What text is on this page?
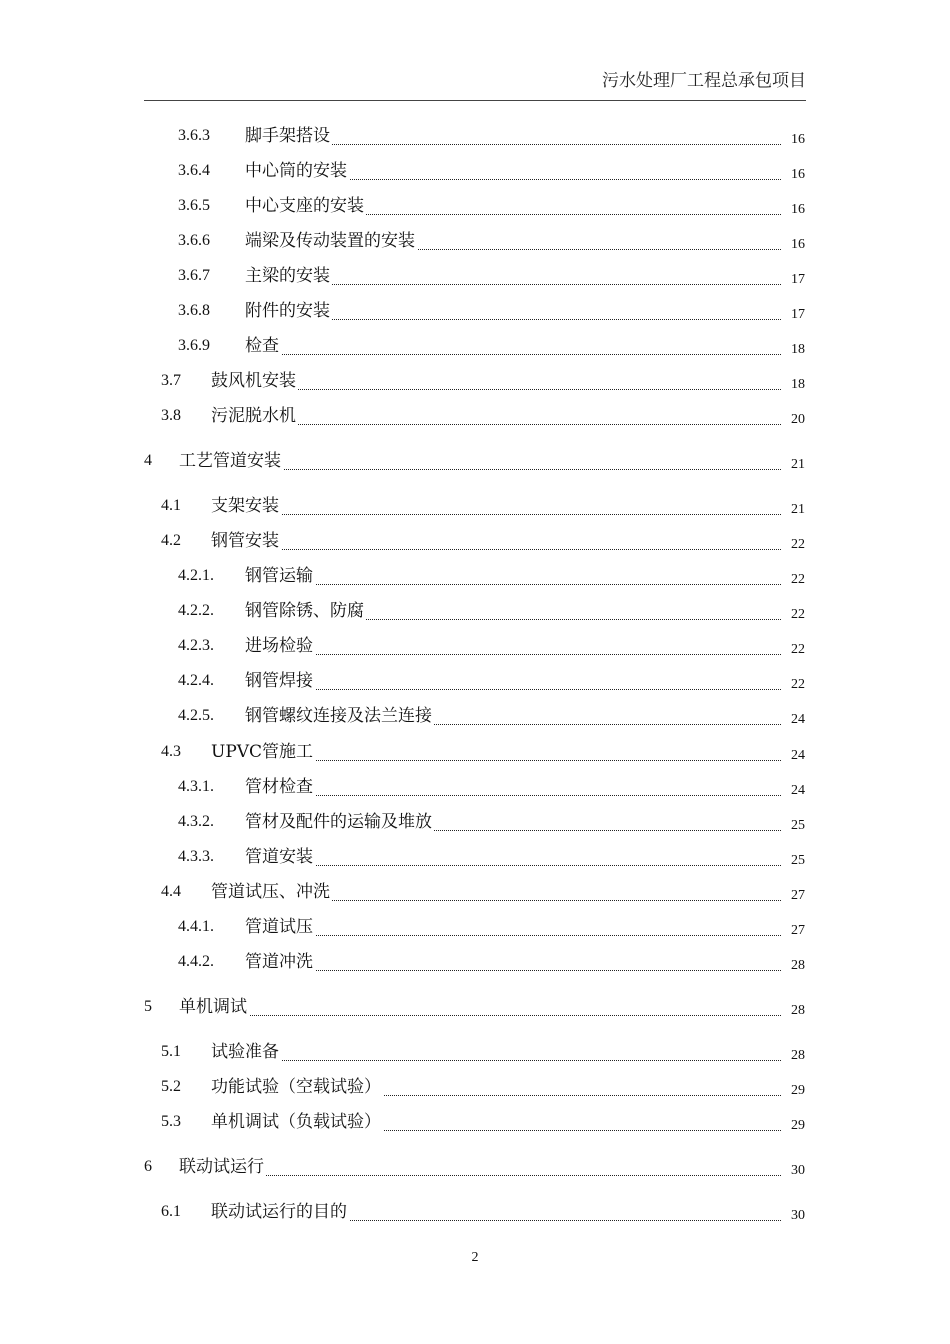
污水处理厂工程总承包项目
3.6.3 脚手架搭设	16
3.6.4 中心筒的安装	16
3.6.5 中心支座的安装	16
3.6.6 端梁及传动装置的安装	16
3.6.7 主梁的安装	17
3.6.8 附件的安装	17
3.6.9 检查	18
3.7 鼓风机安装	18
3.8 污泥脱水机	20
4 工艺管道安装	21
4.1 支架安装	21
4.2 钢管安装	22
4.2.1. 钢管运输	22
4.2.2. 钢管除锈、防腐	22
4.2.3. 进场检验	22
4.2.4. 钢管焊接	22
4.2.5. 钢管螺纹连接及法兰连接	24
4.3 UPVC管施工	24
4.3.1. 管材检查	24
4.3.2. 管材及配件的运输及堆放	25
4.3.3. 管道安装	25
4.4 管道试压、冲洗	27
4.4.1. 管道试压	27
4.4.2. 管道冲洗	28
5 单机调试	28
5.1 试验准备	28
5.2 功能试验（空载试验）	29
5.3 单机调试（负载试验）	29
6 联动试运行	30
6.1 联动试运行的目的	30
2
